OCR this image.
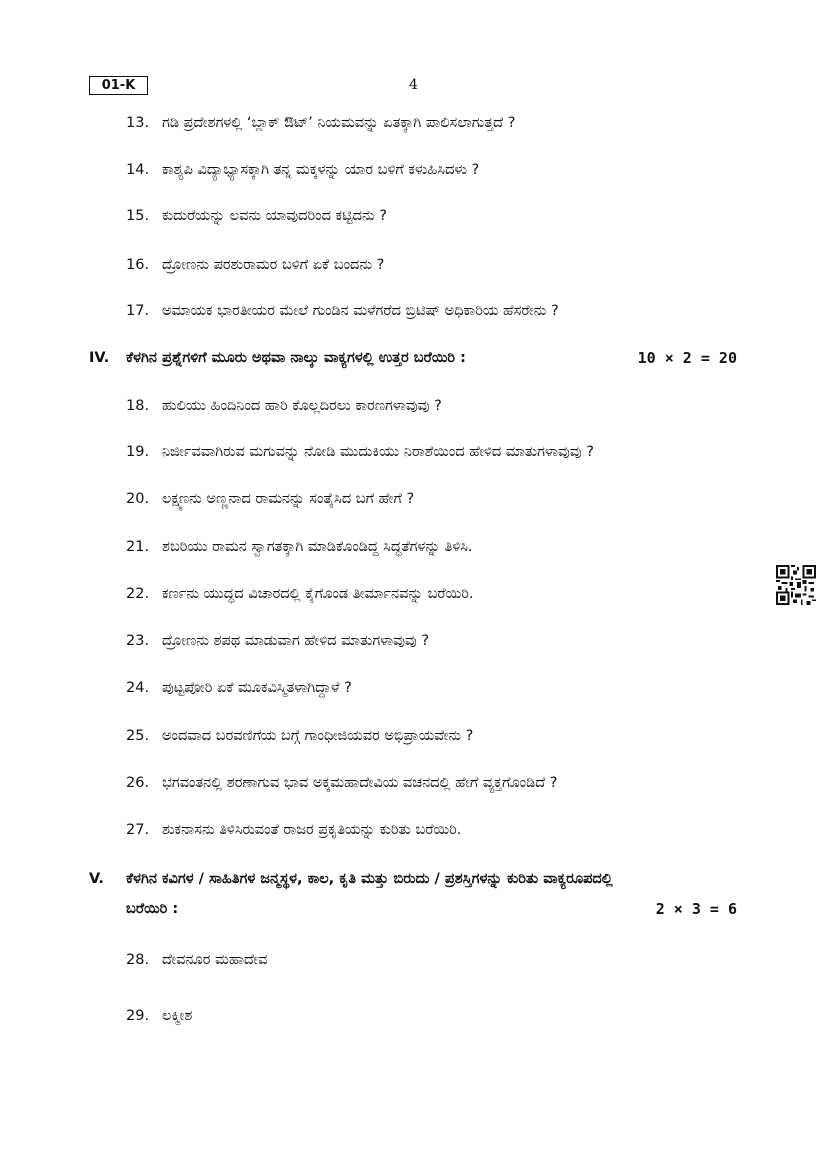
01-K	4
13. ಗಡಿ ಪ್ರದೇಶಗಳಲ್ಲಿ ‘ಬ್ಲಾಕ್ ಔಟ್’ ನಿಯಮವನ್ನು ಏತಕ್ಕಾಗಿ ಪಾಲಿಸಲಾಗುತ್ತದೆ ?
14. ಕಾಶ್ಯಪಿ ವಿದ್ಯಾಭ್ಯಾಸಕ್ಕಾಗಿ ತನ್ನ ಮಕ್ಕಳನ್ನು ಯಾರ ಬಳಿಗೆ ಕಳುಹಿಸಿದಳು ?
15. ಕುದುರೆಯನ್ನು ಲವನು ಯಾವುದರಿಂದ ಕಟ್ಟಿದನು ?
16. ದ್ರೋಣನು ಪರಶುರಾಮರ ಬಳಿಗೆ ಏಕೆ ಬಂದನು ?
17. ಅಮಾಯಕ ಭಾರತೀಯರ ಮೇಲೆ ಗುಂಡಿನ ಮಳೆಗರೆದ ಬ್ರಿಟಿಷ್ ಅಧಿಕಾರಿಯ ಹೆಸರೇನು ?
IV. ಕೆಳಗಿನ ಪ್ರಶ್ನೆಗಳಿಗೆ ಮೂರು ಅಥವಾ ನಾಲ್ಕು ವಾಕ್ಯಗಳಲ್ಲಿ ಉತ್ತರ ಬರೆಯಿರಿ :	10 × 2 = 20
18. ಹುಲಿಯು ಹಿಂದಿನಿಂದ ಹಾರಿ ಕೊಲ್ಲದಿರಲು ಕಾರಣಗಳಾವುವು ?
19. ನಿರ್ಜೀವವಾಗಿರುವ ಮಗುವನ್ನು ನೋಡಿ ಮುದುಕಿಯು ನಿರಾಶೆಯಿಂದ ಹೇಳಿದ ಮಾತುಗಳಾವುವು ?
20. ಲಕ್ಷ್ಮಣನು ಅಣ್ಣನಾದ ರಾಮನನ್ನು ಸಂತೈಸಿದ ಬಗೆ ಹೇಗೆ ?
21. ಶಬರಿಯು ರಾಮನ ಸ್ವಾಗತಕ್ಕಾಗಿ ಮಾಡಿಕೊಂಡಿದ್ದ ಸಿದ್ಧತೆಗಳನ್ನು ತಿಳಿಸಿ.
22. ಕರ್ಣನು ಯುದ್ಧದ ವಿಚಾರದಲ್ಲಿ ಕೈಗೊಂಡ ತೀರ್ಮಾನವನ್ನು ಬರೆಯಿರಿ.
23. ದ್ರೋಣನು ಶಪಥ ಮಾಡುವಾಗ ಹೇಳಿದ ಮಾತುಗಳಾವುವು ?
24. ಪುಟ್ಟಪೋರಿ ಏಕೆ ಮೂಕವಿಸ್ಮಿತಳಾಗಿದ್ದಾಳೆ ?
25. ಅಂದವಾದ ಬರವಣಿಗೆಯ ಬಗ್ಗೆ ಗಾಂಧೀಜಿಯವರ ಅಭಿಪ್ರಾಯವೇನು ?
26. ಭಗವಂತನಲ್ಲಿ ಶರಣಾಗುವ ಭಾವ ಅಕ್ಕಮಹಾದೇವಿಯ ವಚನದಲ್ಲಿ ಹೇಗೆ ವ್ಯಕ್ತಗೊಂಡಿದೆ ?
27. ಶುಕನಾಸನು ತಿಳಿಸಿರುವಂತೆ ರಾಜರ ಪ್ರಕೃತಿಯನ್ನು ಕುರಿತು ಬರೆಯಿರಿ.
V. ಕೆಳಗಿನ ಕವಿಗಳ / ಸಾಹಿತಿಗಳ ಜನ್ಮಸ್ಥಳ, ಕಾಲ, ಕೃತಿ ಮತ್ತು ಬಿರುದು / ಪ್ರಶಸ್ತಿಗಳನ್ನು ಕುರಿತು ವಾಕ್ಯರೂಪದಲ್ಲಿ
ಬರೆಯಿರಿ :	2 × 3 = 6
28. ದೇವನೂರ ಮಹಾದೇವ
29. ಲಕ್ಮೀಶ
